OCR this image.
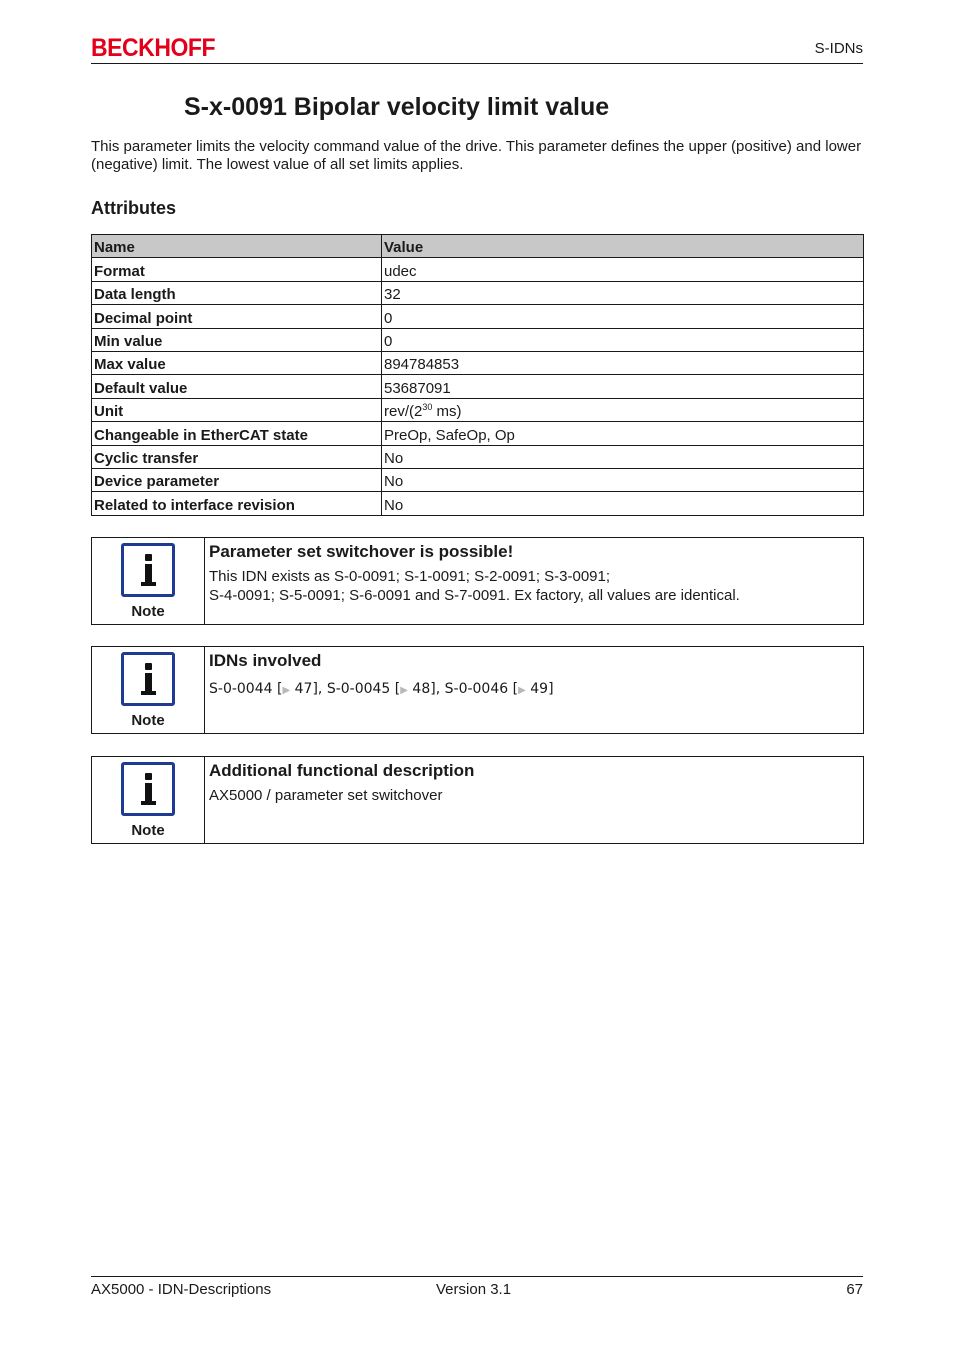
BECKHOFF	S-IDNs
S-x-0091 Bipolar velocity limit value

This parameter limits the velocity command value of the drive. This parameter defines the upper (positive) and lower (negative) limit. The lowest value of all set limits applies.

Attributes
Name	Value
Format	udec
Data length	32
Decimal point	0
Min value	0
Max value	894784853
Default value	53687091
Unit	rev/($2^{30}$ ms)
Changeable in EtherCAT state	PreOp, SafeOp, Op
Cyclic transfer	No
Device parameter	No
Related to interface revision	No
Note

Parameter set switchover is possible!

This IDN exists as S-0-0091; S-1-0091; S-2-0091; S-3-0091;
S-4-0091; S-5-0091; S-6-0091 and S-7-0091. Ex factory, all values are identical.

Note

IDNs involved

S-0-0044 [▶ 47], S-0-0045 [▶ 48], S-0-0046 [▶ 49]
Note

Additional functional description

AX5000 / parameter set switchover

AX5000 - IDN-Descriptions	Version 3.1	67
